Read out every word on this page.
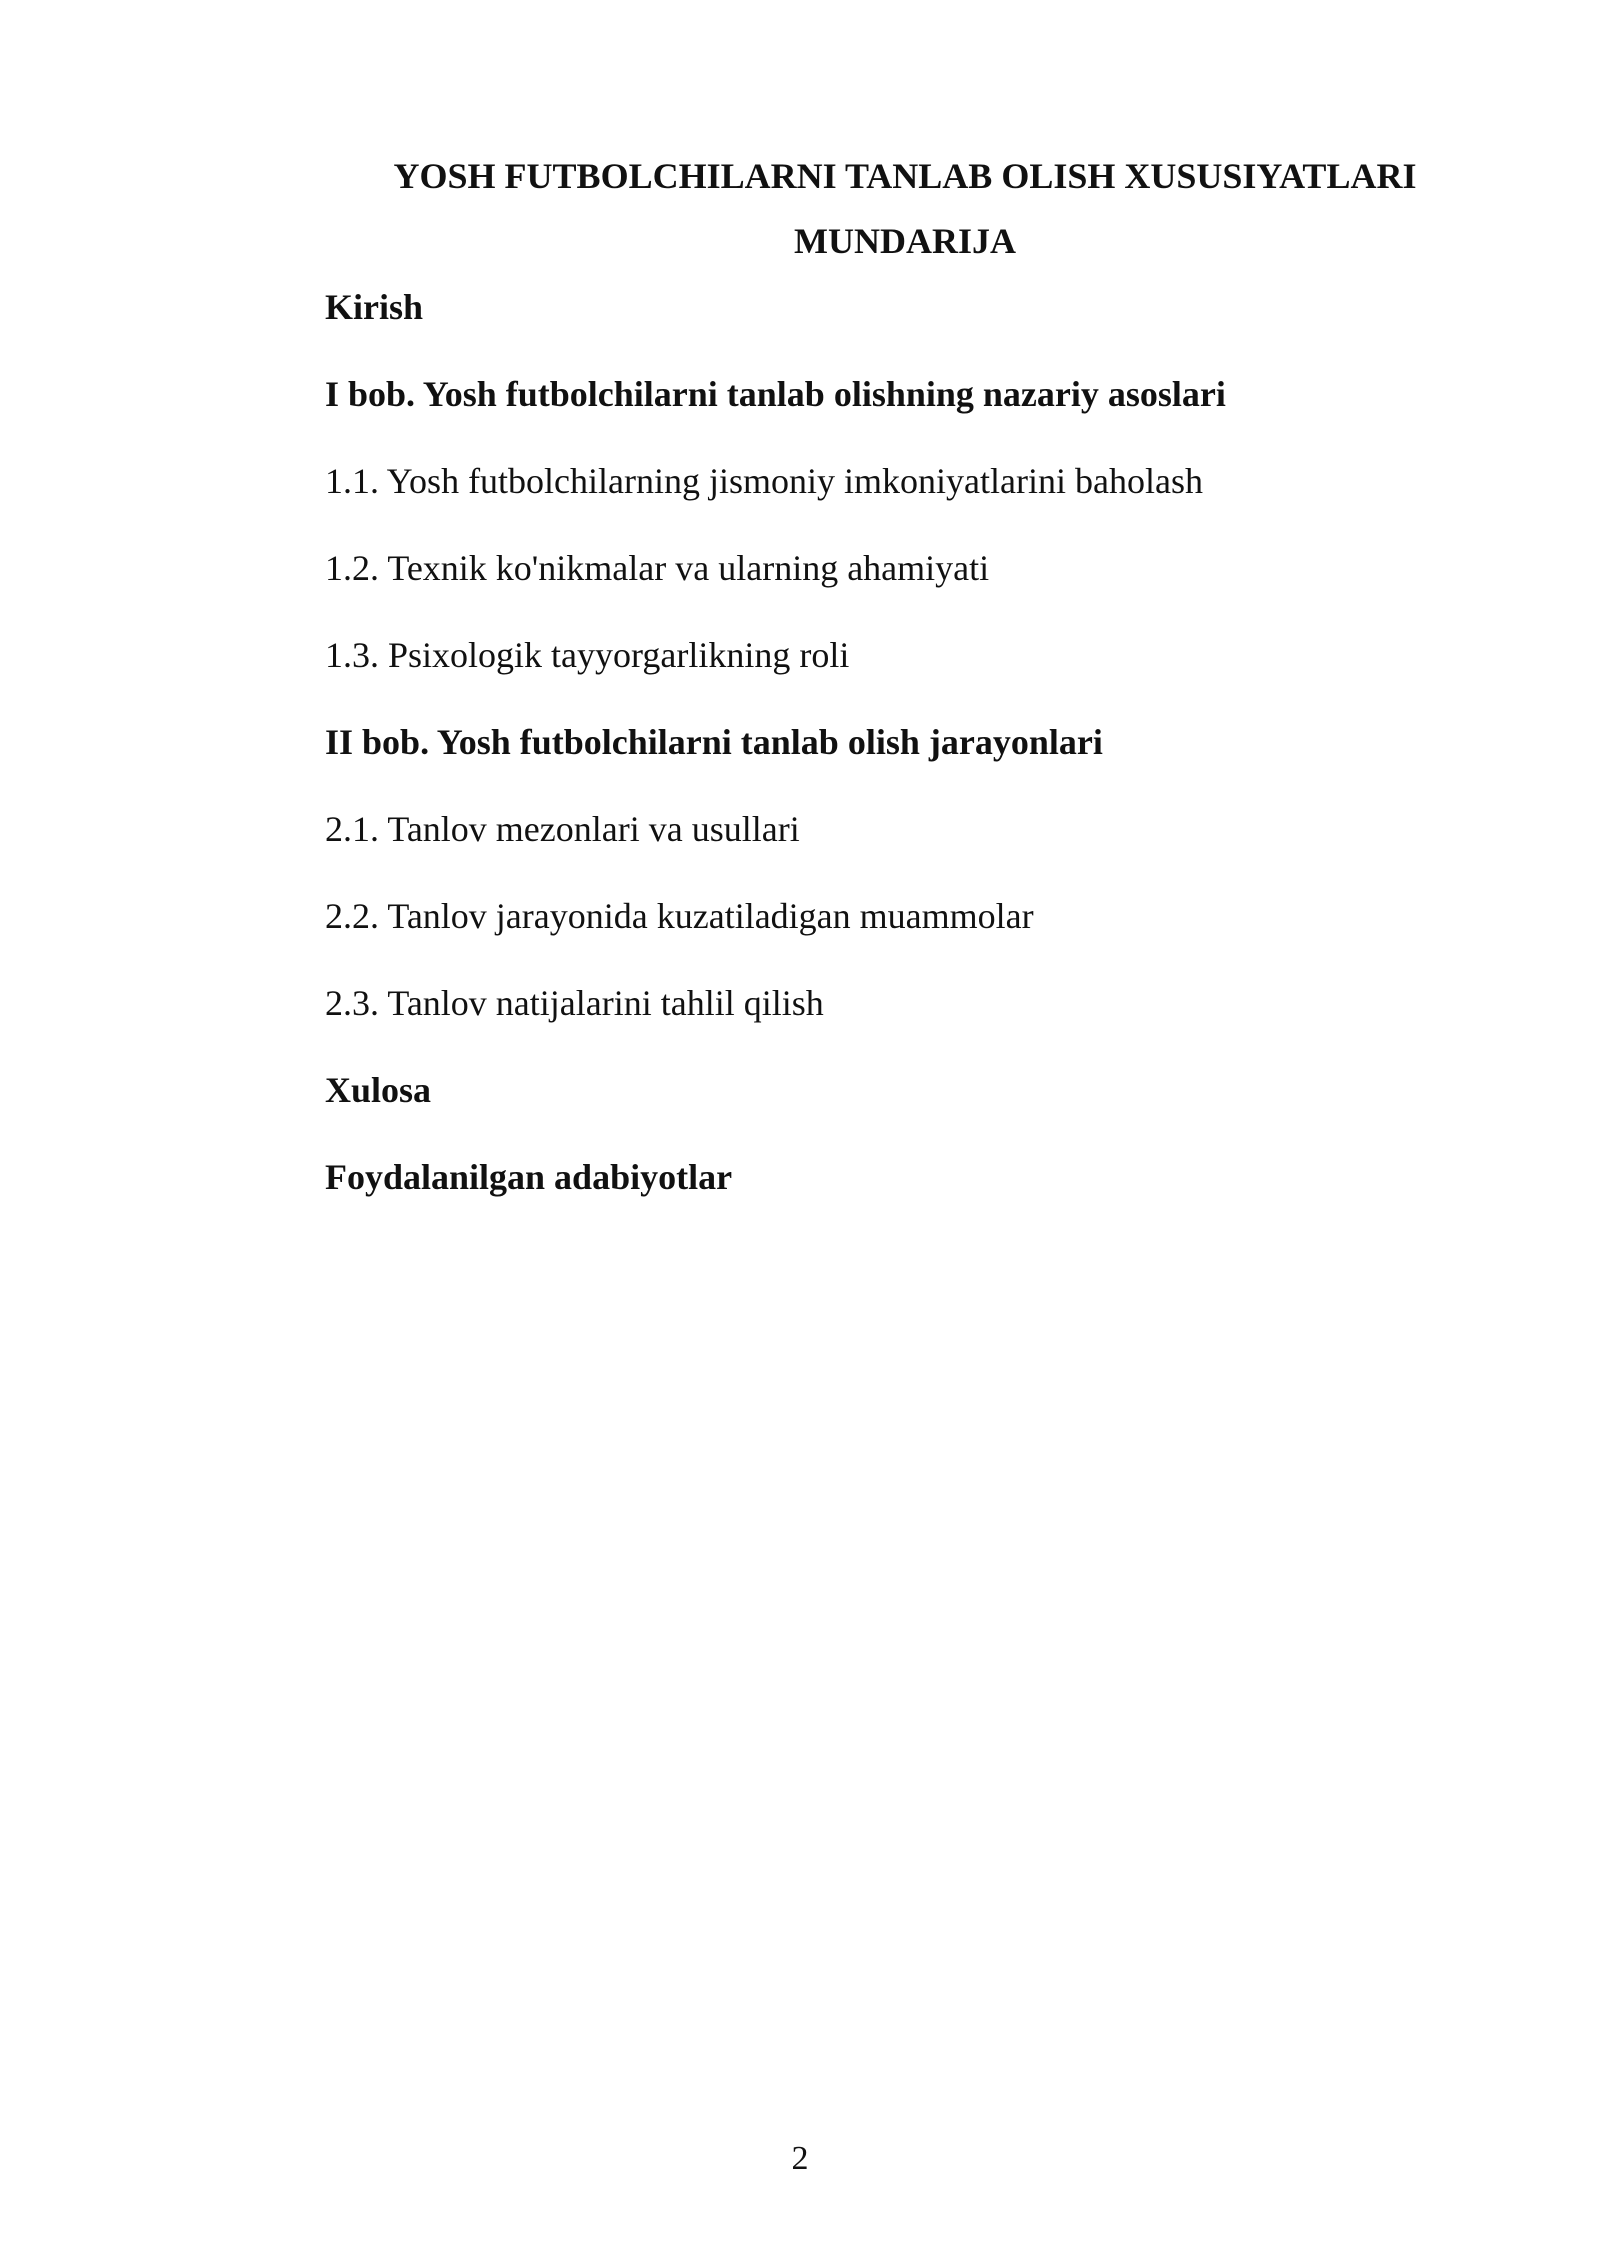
YOSH FUTBOLCHILARNI TANLAB OLISH XUSUSIYATLARI
MUNDARIJA
Kirish
I bob. Yosh futbolchilarni tanlab olishning nazariy asoslari
1.1. Yosh futbolchilarning jismoniy imkoniyatlarini baholash
1.2. Texnik ko'nikmalar va ularning ahamiyati
1.3. Psixologik tayyorgarlikning roli
II bob. Yosh futbolchilarni tanlab olish jarayonlari
2.1. Tanlov mezonlari va usullari
2.2. Tanlov jarayonida kuzatiladigan muammolar
2.3. Tanlov natijalarini tahlil qilish
Xulosa
Foydalanilgan adabiyotlar
2
